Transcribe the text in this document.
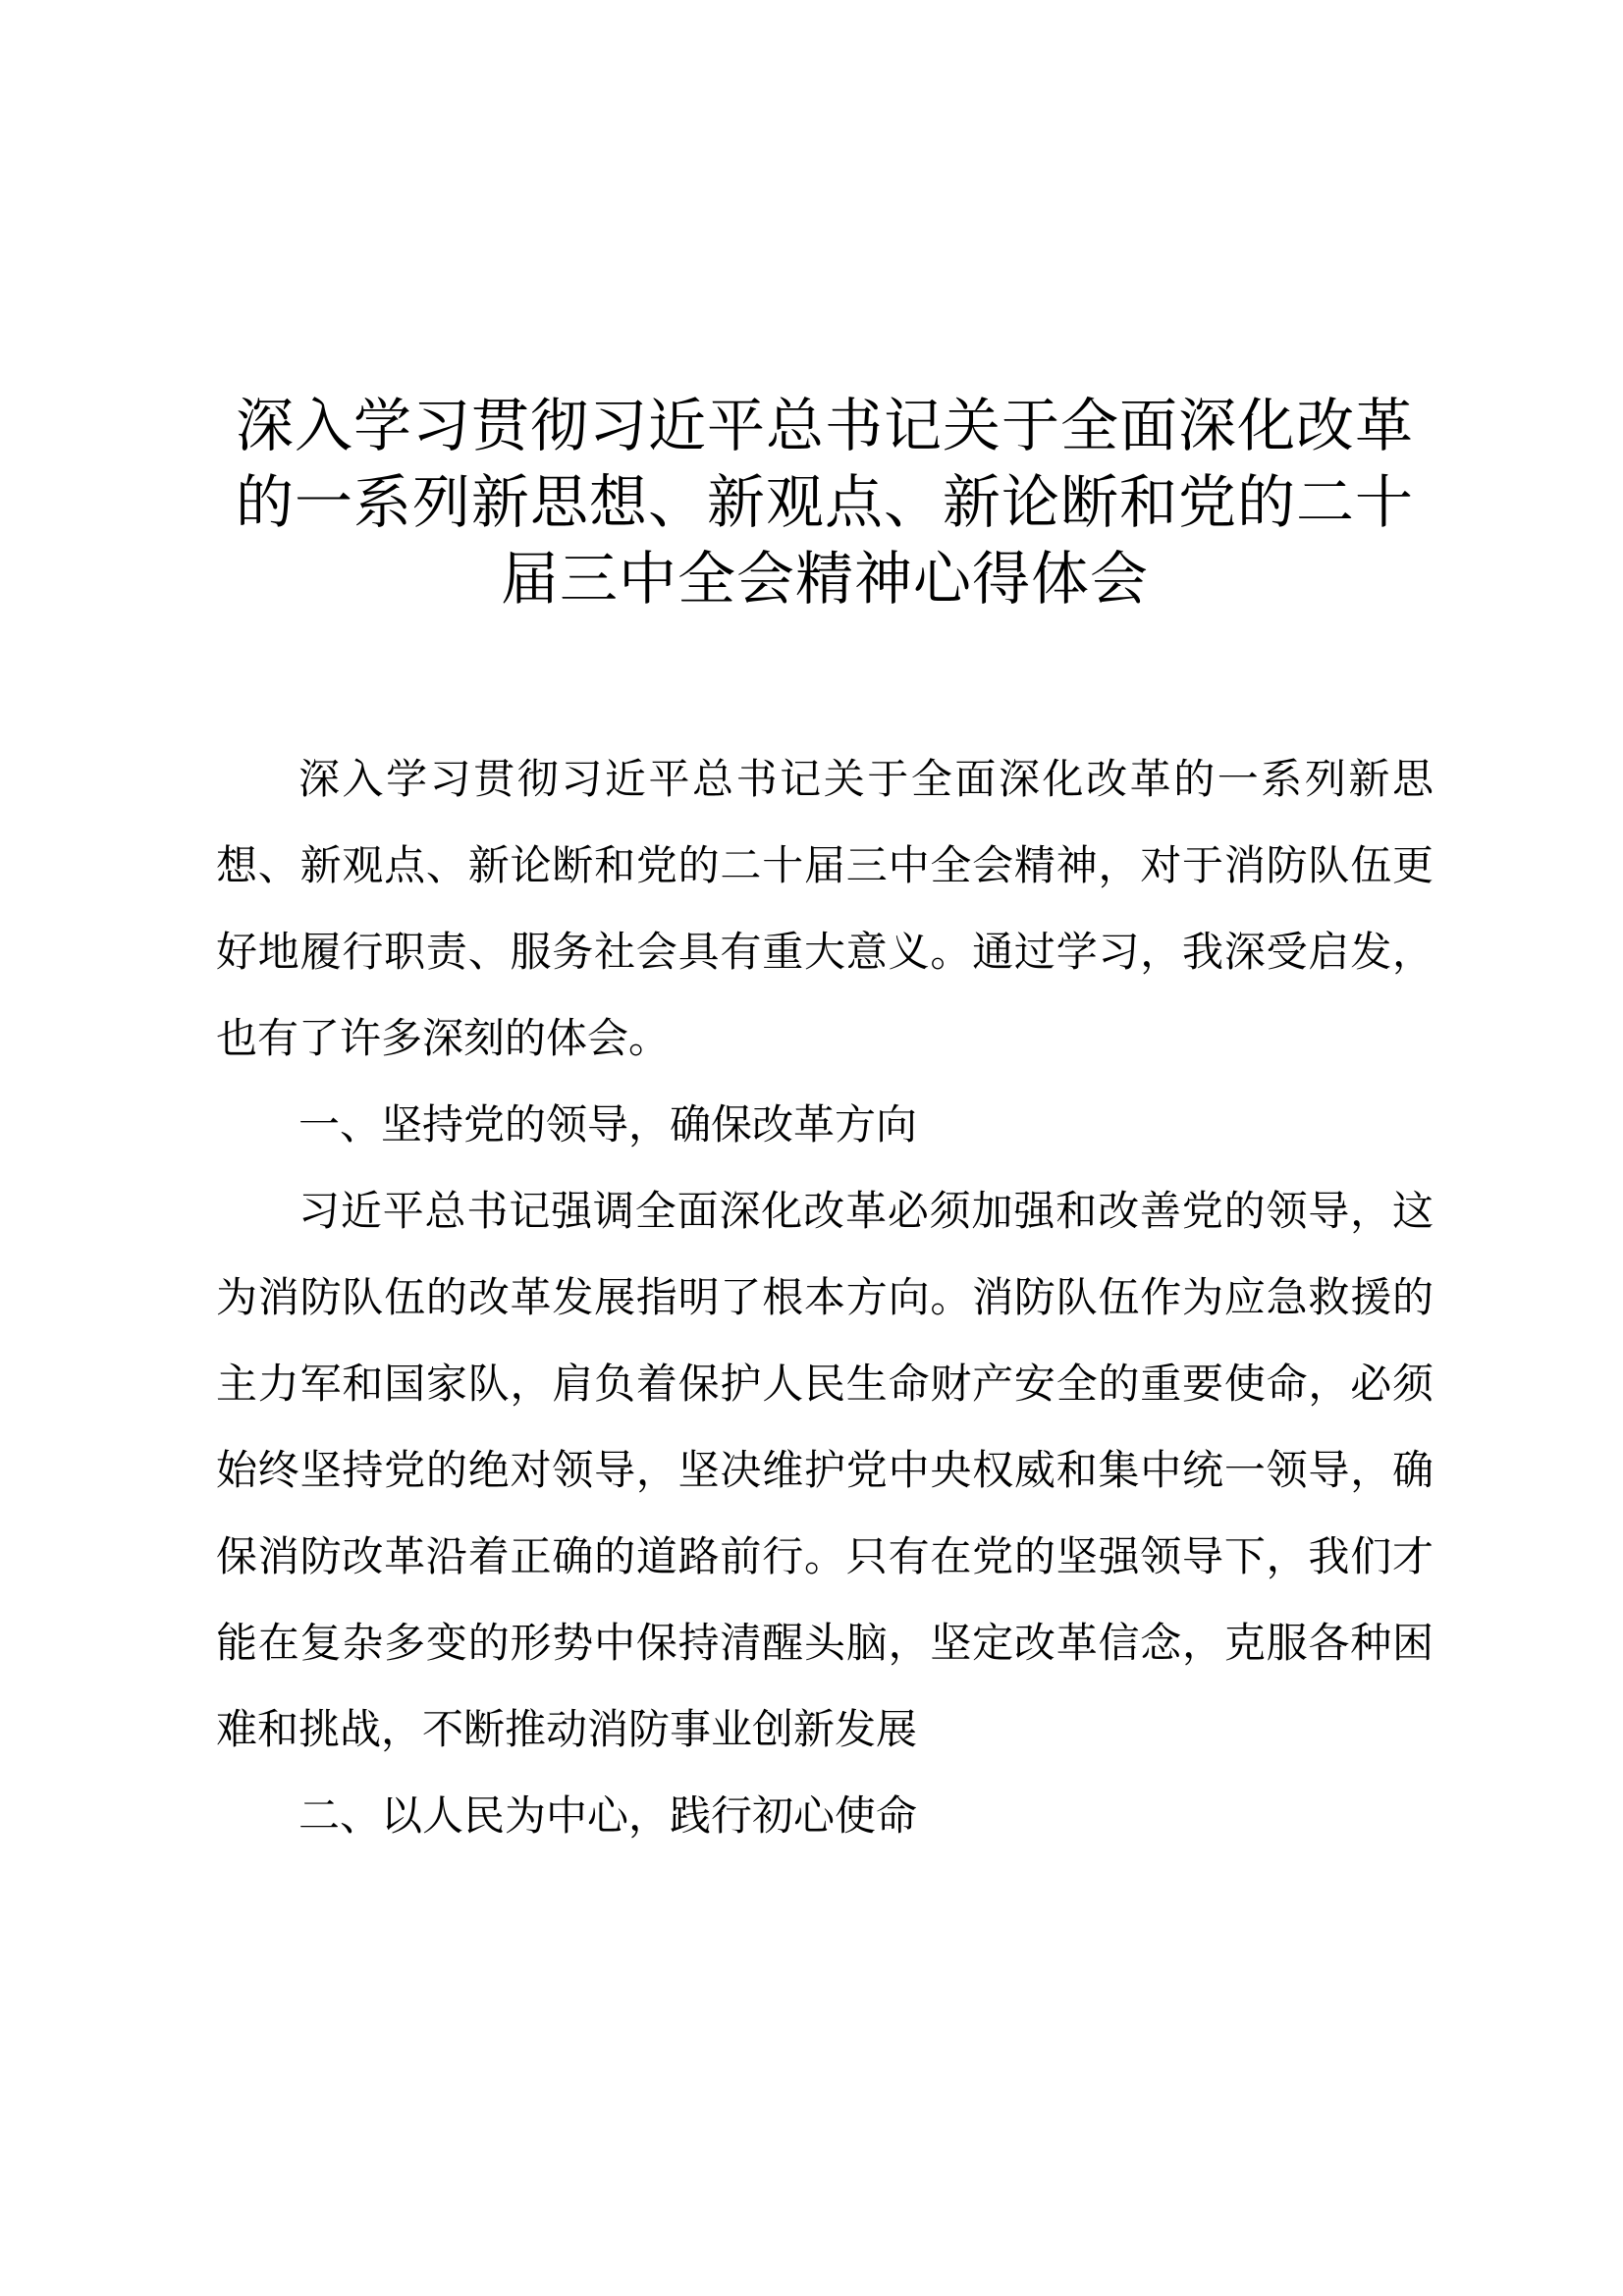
深入学习贯彻习近平总书记关于全面深化改革
的一系列新思想、新观点、新论断和党的二十
届三中全会精神心得体会

深入学习贯彻习近平总书记关于全面深化改革的一系列新思想、新观点、新论断和党的二十届三中全会精神，对于消防队伍更好地履行职责、服务社会具有重大意义。通过学习，我深受启发，也有了许多深刻的体会。

一、坚持党的领导，确保改革方向

习近平总书记强调全面深化改革必须加强和改善党的领导，这为消防队伍的改革发展指明了根本方向。消防队伍作为应急救援的主力军和国家队，肩负着保护人民生命财产安全的重要使命，必须始终坚持党的绝对领导，坚决维护党中央权威和集中统一领导，确保消防改革沿着正确的道路前行。只有在党的坚强领导下，我们才能在复杂多变的形势中保持清醒头脑，坚定改革信念，克服各种困难和挑战，不断推动消防事业创新发展

二、以人民为中心，践行初心使命
